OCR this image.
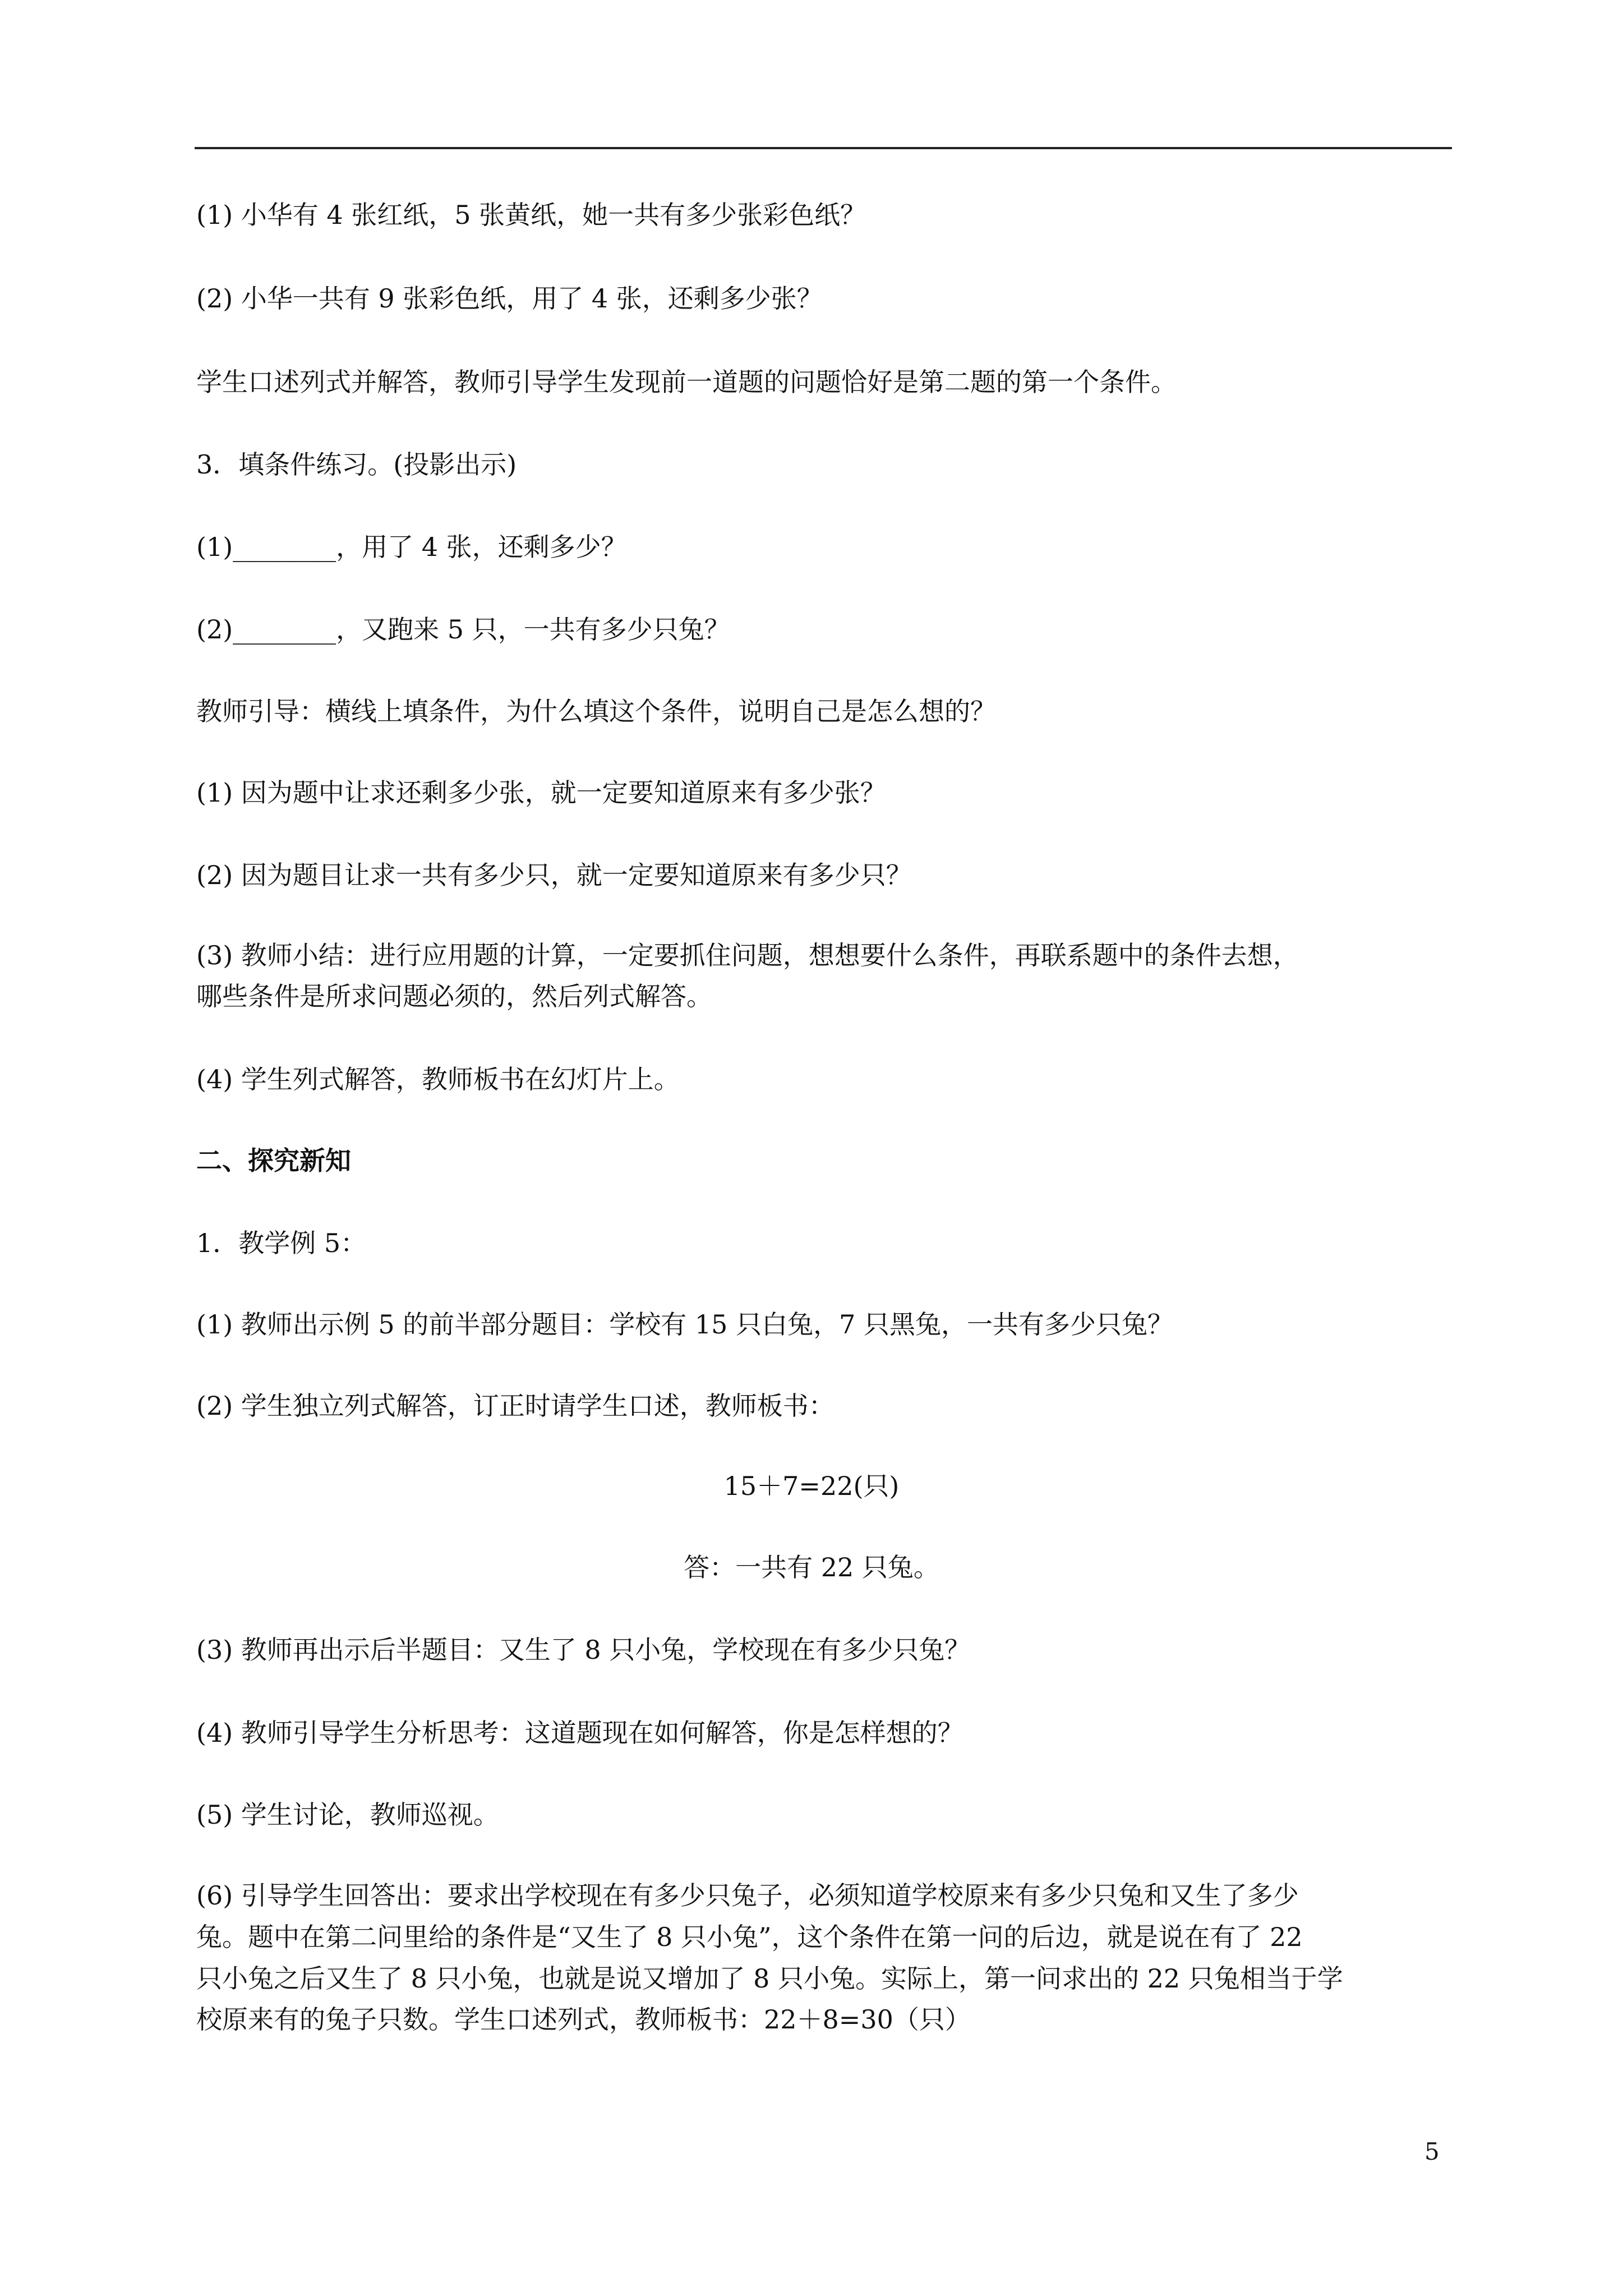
(1) 小华有 4 张红纸，5 张黄纸，她一共有多少张彩色纸？
(2) 小华一共有 9 张彩色纸，用了 4 张，还剩多少张？
学生口述列式并解答，教师引导学生发现前一道题的问题恰好是第二题的第一个条件。
3．填条件练习。(投影出示)
(1)________，用了 4 张，还剩多少？
(2)________，又跑来 5 只，一共有多少只兔？
教师引导：横线上填条件，为什么填这个条件，说明自己是怎么想的？
(1) 因为题中让求还剩多少张，就一定要知道原来有多少张？
(2) 因为题目让求一共有多少只，就一定要知道原来有多少只？
(3) 教师小结：进行应用题的计算，一定要抓住问题，想想要什么条件，再联系题中的条件去想，
哪些条件是所求问题必须的，然后列式解答。
(4) 学生列式解答，教师板书在幻灯片上。
二、探究新知
1．教学例 5：
(1) 教师出示例 5 的前半部分题目：学校有 15 只白兔，7 只黑兔，一共有多少只兔？
(2) 学生独立列式解答，订正时请学生口述，教师板书：
15＋7=22(只)
答：一共有 22 只兔。
(3) 教师再出示后半题目：又生了 8 只小兔，学校现在有多少只兔？
(4) 教师引导学生分析思考：这道题现在如何解答，你是怎样想的？
(5) 学生讨论，教师巡视。
(6) 引导学生回答出：要求出学校现在有多少只兔子，必须知道学校原来有多少只兔和又生了多少
兔。题中在第二问里给的条件是“又生了 8 只小兔”，这个条件在第一问的后边，就是说在有了 22
只小兔之后又生了 8 只小兔，也就是说又增加了 8 只小兔。实际上，第一问求出的 22 只兔相当于学
校原来有的兔子只数。学生口述列式，教师板书：22＋8=30（只）
5
